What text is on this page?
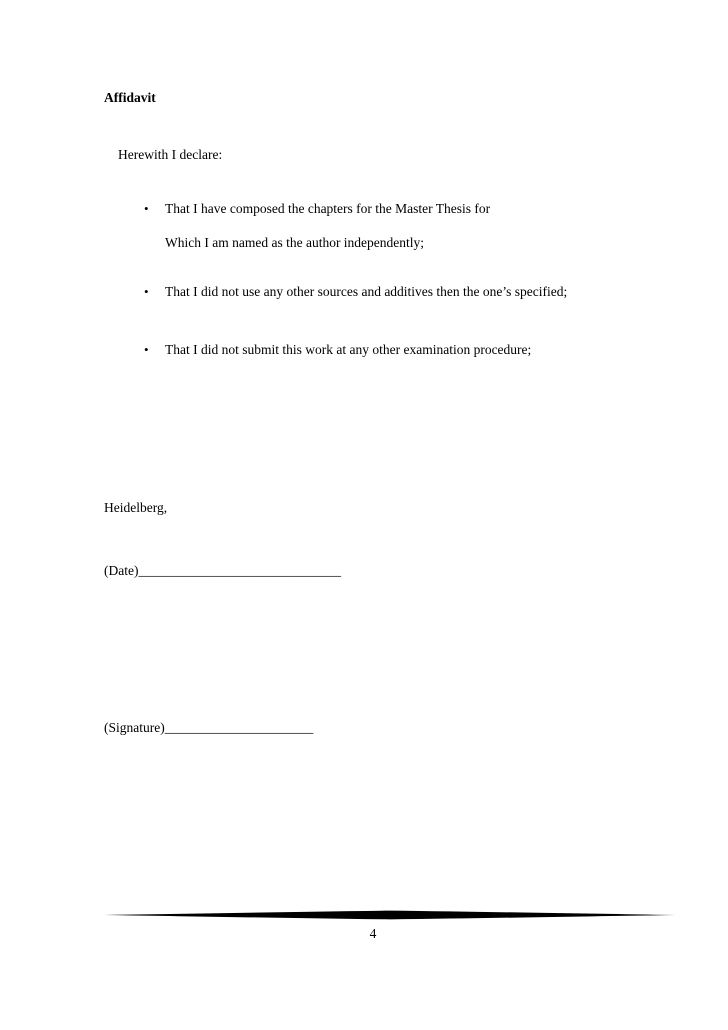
Affidavit
Herewith I declare:
• That I have composed the chapters for the Master Thesis for
Which I am named as the author independently;
• That I did not use any other sources and additives then the one’s specified;
• That I did not submit this work at any other examination procedure;
Heidelberg,
(Date)______________________________
(Signature)______________________
4
